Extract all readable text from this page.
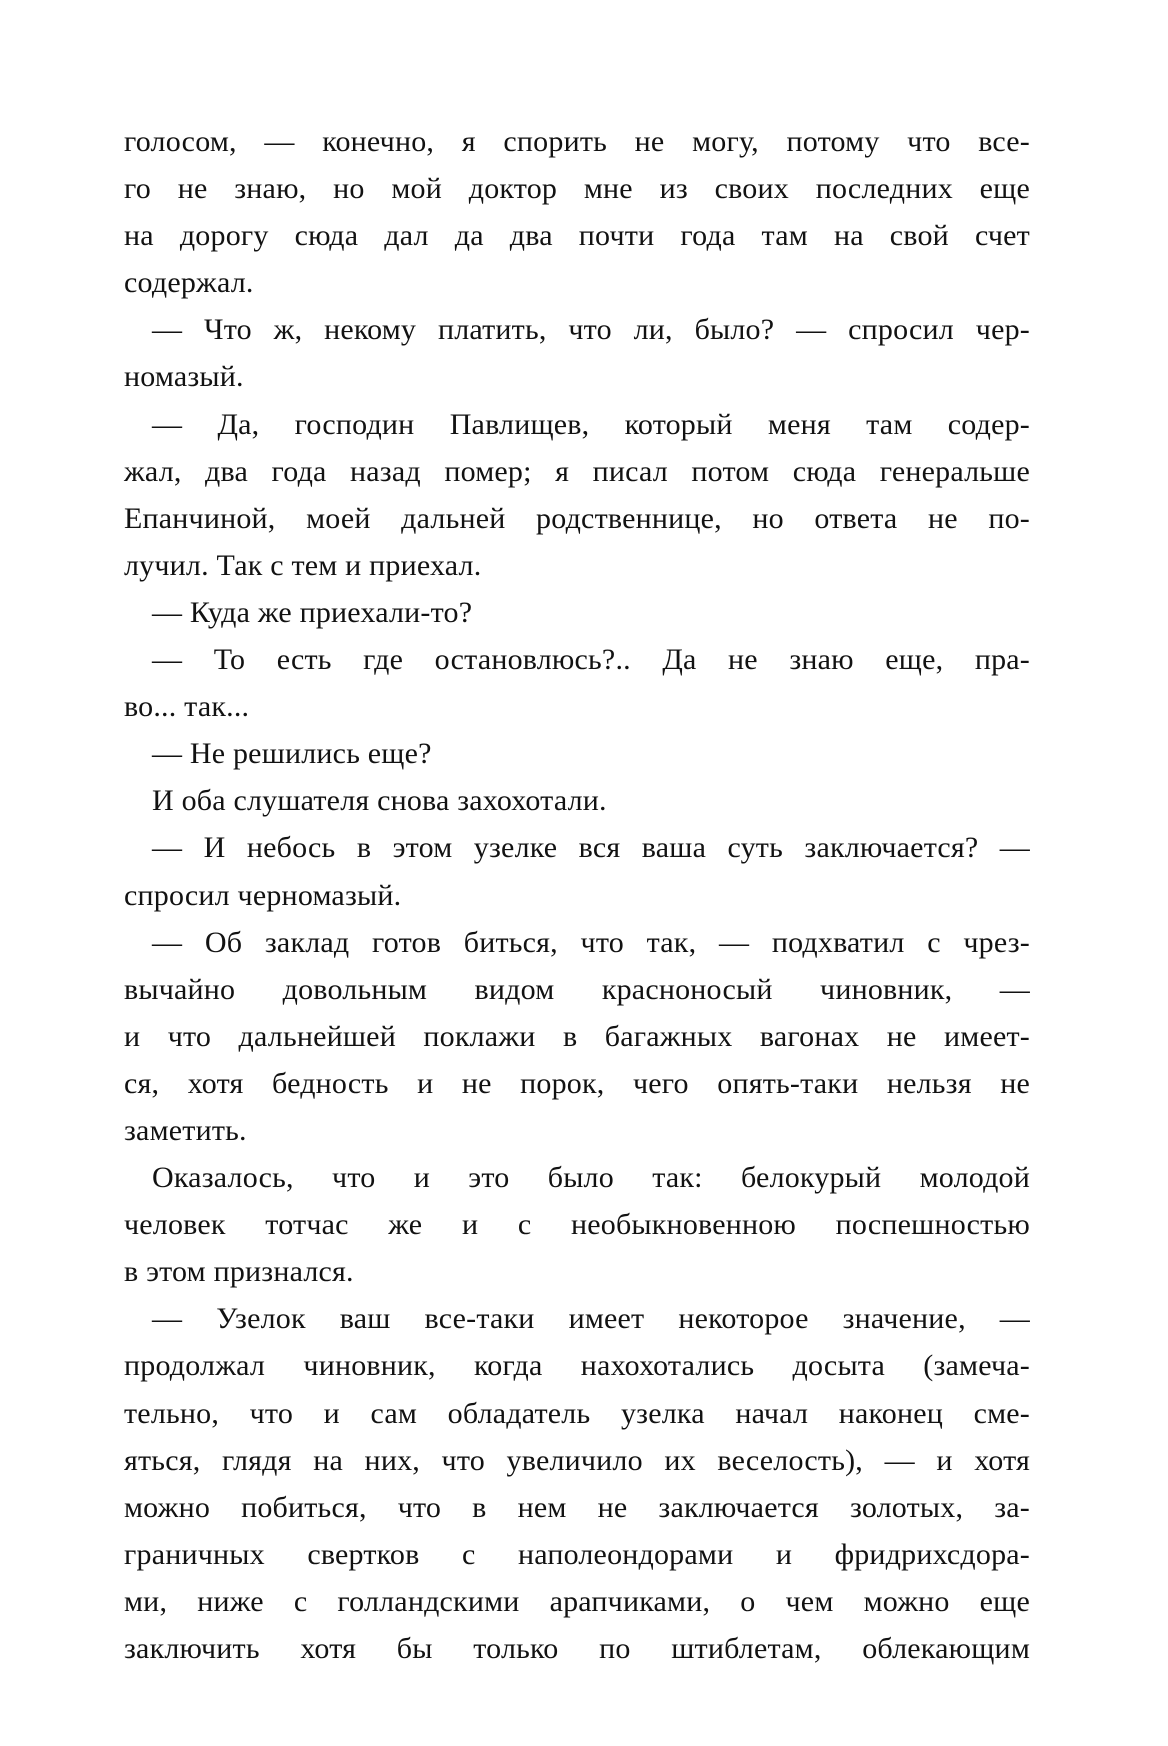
голосом, — конечно, я спорить не могу, потому что все-
го не знаю, но мой доктор мне из своих последних еще
на дорогу сюда дал да два почти года там на свой счет
содержал.
— Что ж, некому платить, что ли, было? — спросил чер-
номазый.
— Да, господин Павлищев, который меня там содер-
жал, два года назад помер; я писал потом сюда генеральше
Епанчиной, моей дальней родственнице, но ответа не по-
лучил. Так с тем и приехал.
— Куда же приехали-то?
— То есть где остановлюсь?.. Да не знаю еще, пра-
во... так...
— Не решились еще?
И оба слушателя снова захохотали.
— И небось в этом узелке вся ваша суть заключается? —
спросил черномазый.
— Об заклад готов биться, что так, — подхватил с чрез-
вычайно довольным видом красноносый чиновник, —
и что дальнейшей поклажи в багажных вагонах не имеет-
ся, хотя бедность и не порок, чего опять-таки нельзя не
заметить.
Оказалось, что и это было так: белокурый молодой
человек тотчас же и с необыкновенною поспешностью
в этом признался.
— Узелок ваш все-таки имеет некоторое значение, —
продолжал чиновник, когда нахохотались досыта (замеча-
тельно, что и сам обладатель узелка начал наконец сме-
яться, глядя на них, что увеличило их веселость), — и хотя
можно побиться, что в нем не заключается золотых, за-
граничных свертков с наполеондорами и фридрихсдора-
ми, ниже с голландскими арапчиками, о чем можно еще
заключить хотя бы только по штиблетам, облекающим
